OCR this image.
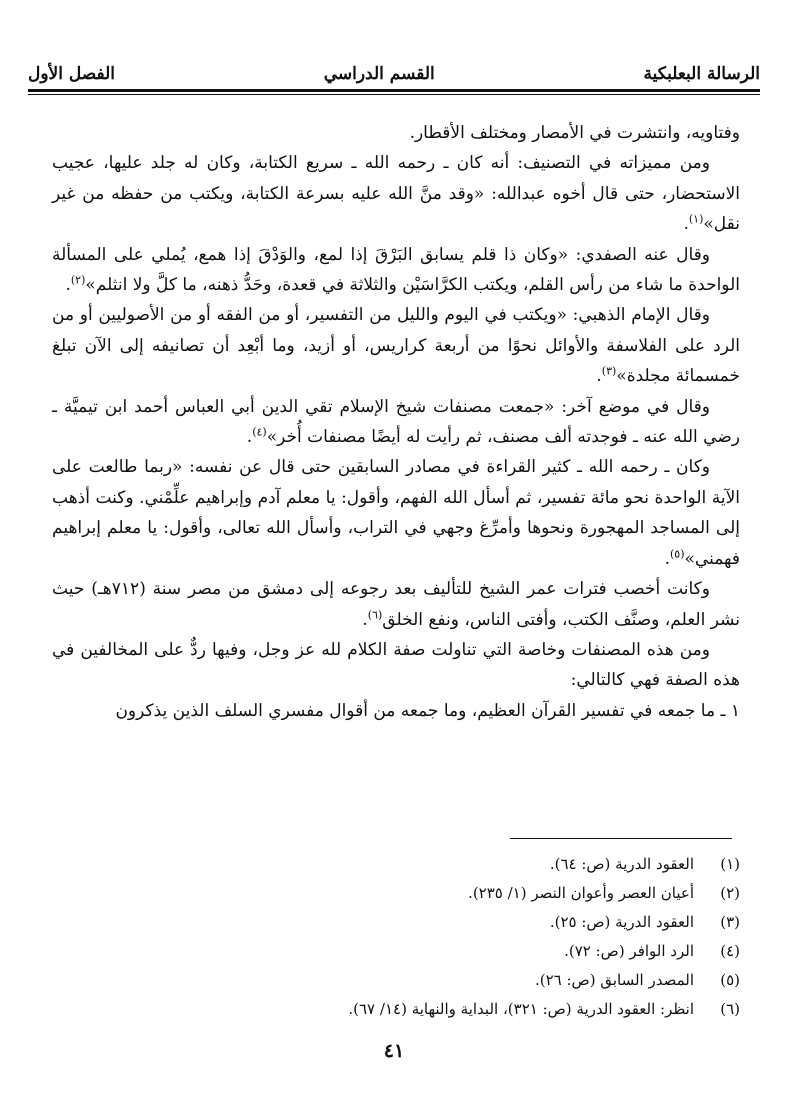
الرسالة البعلبكية
القسم الدراسي
الفصل الأول

وفتاويه، وانتشرت في الأمصار ومختلف الأقطار.

ومن مميزاته في التصنيف: أنه كان ـ رحمه الله ـ سريع الكتابة، وكان له جلد عليها، عجيب الاستحضار، حتى قال أخوه عبدالله: «وقد منَّ الله عليه بسرعة الكتابة، ويكتب من حفظه من غير نقل»$^{(١)}$.

وقال عنه الصفدي: «وكان ذا قلم يسابق البَرْقَ إذا لمع، والوَدْقَ إذا همع، يُملي على المسألة الواحدة ما شاء من رأس القلم، ويكتب الكرَّاسَيْن والثلاثة في قعدة، وحَدُّ ذهنه، ما كلَّ ولا انثلم»$^{(٢)}$.

وقال الإمام الذهبي: «ويكتب في اليوم والليل من التفسير، أو من الفقه أو من الأصوليين أو من الرد على الفلاسفة والأوائل نحوًا من أربعة كراريس، أو أزيد، وما أبْعِد أن تصانيفه إلى الآن تبلغ خمسمائة مجلدة»$^{(٣)}$.

وقال في موضع آخر: «جمعت مصنفات شيخ الإسلام تقي الدين أبي العباس أحمد ابن تيميَّة ـ رضي الله عنه ـ فوجدته ألف مصنف، ثم رأيت له أيضًا مصنفات أُخر»$^{(٤)}$.

وكان ـ رحمه الله ـ كثير القراءة في مصادر السابقين حتى قال عن نفسه: «ربما طالعت على الآية الواحدة نحو مائة تفسير، ثم أسأل الله الفهم، وأقول: يا معلم آدم وإبراهيم علِّمْني. وكنت أذهب إلى المساجد المهجورة ونحوها وأمرِّغ وجهي في التراب، وأسأل الله تعالى، وأقول: يا معلم إبراهيم فهمني»$^{(٥)}$.

وكانت أخصب فترات عمر الشيخ للتأليف بعد رجوعه إلى دمشق من مصر سنة (٧١٢هـ) حيث نشر العلم، وصنَّف الكتب، وأفتى الناس، ونفع الخلق$^{(٦)}$.

ومن هذه المصنفات وخاصة التي تناولت صفة الكلام لله عز وجل، وفيها ردٌّ على المخالفين في هذه الصفة فهي كالتالي:

١ ـ ما جمعه في تفسير القرآن العظيم، وما جمعه من أقوال مفسري السلف الذين يذكرون

(١)
العقود الدرية (ص: ٦٤).
(٢)
أعيان العصر وأعوان النصر (١/ ٢٣٥).
(٣)
العقود الدرية (ص: ٢٥).
(٤)
الرد الوافر (ص: ٧٢).
(٥)
المصدر السابق (ص: ٢٦).
(٦)
انظر: العقود الدرية (ص: ٣٢١)، البداية والنهاية (١٤/ ٦٧).
٤١
